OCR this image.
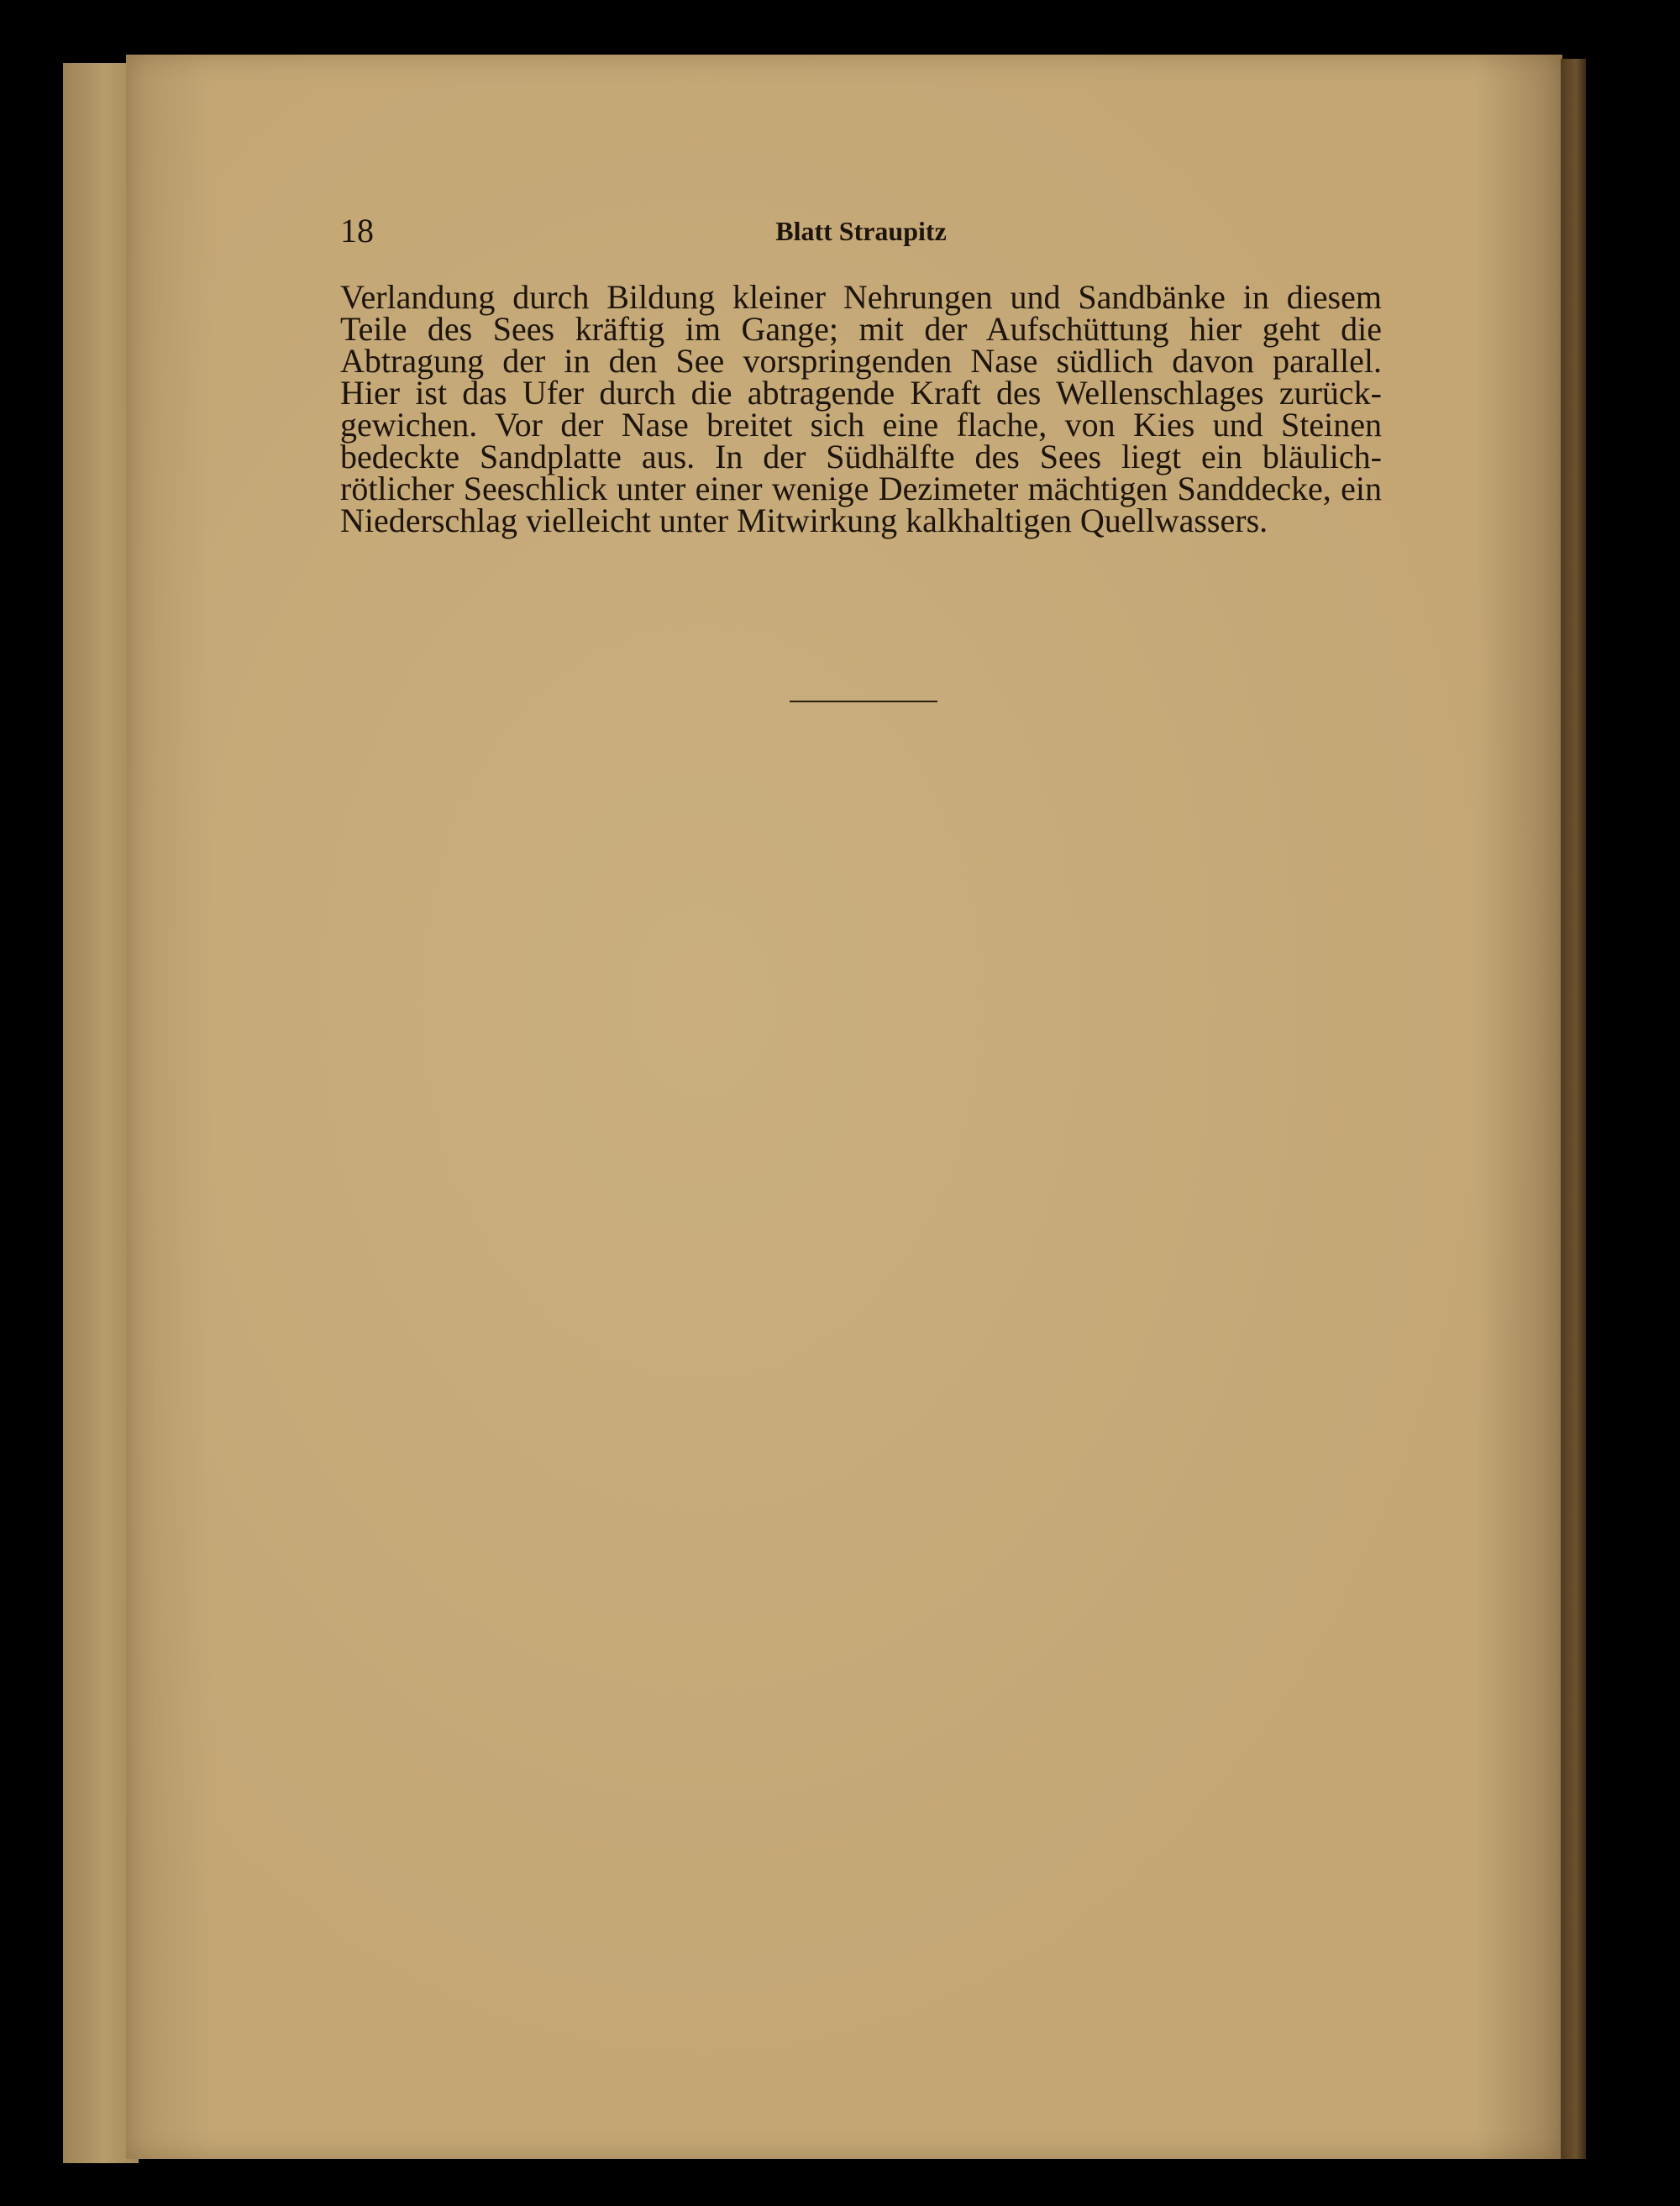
18	Blatt Straupitz
Verlandung durch Bildung kleiner Nehrungen und Sandbänke in diesem
Teile des Sees kräftig im Gange; mit der Aufschüttung hier geht die
Abtragung der in den See vorspringenden Nase südlich davon parallel.
Hier ist das Ufer durch die abtragende Kraft des Wellenschlages zurück-
gewichen. Vor der Nase breitet sich eine flache, von Kies und Steinen
bedeckte Sandplatte aus. In der Südhälfte des Sees liegt ein bläulich-
rötlicher Seeschlick unter einer wenige Dezimeter mächtigen Sanddecke, ein
Niederschlag vielleicht unter Mitwirkung kalkhaltigen Quellwassers.
